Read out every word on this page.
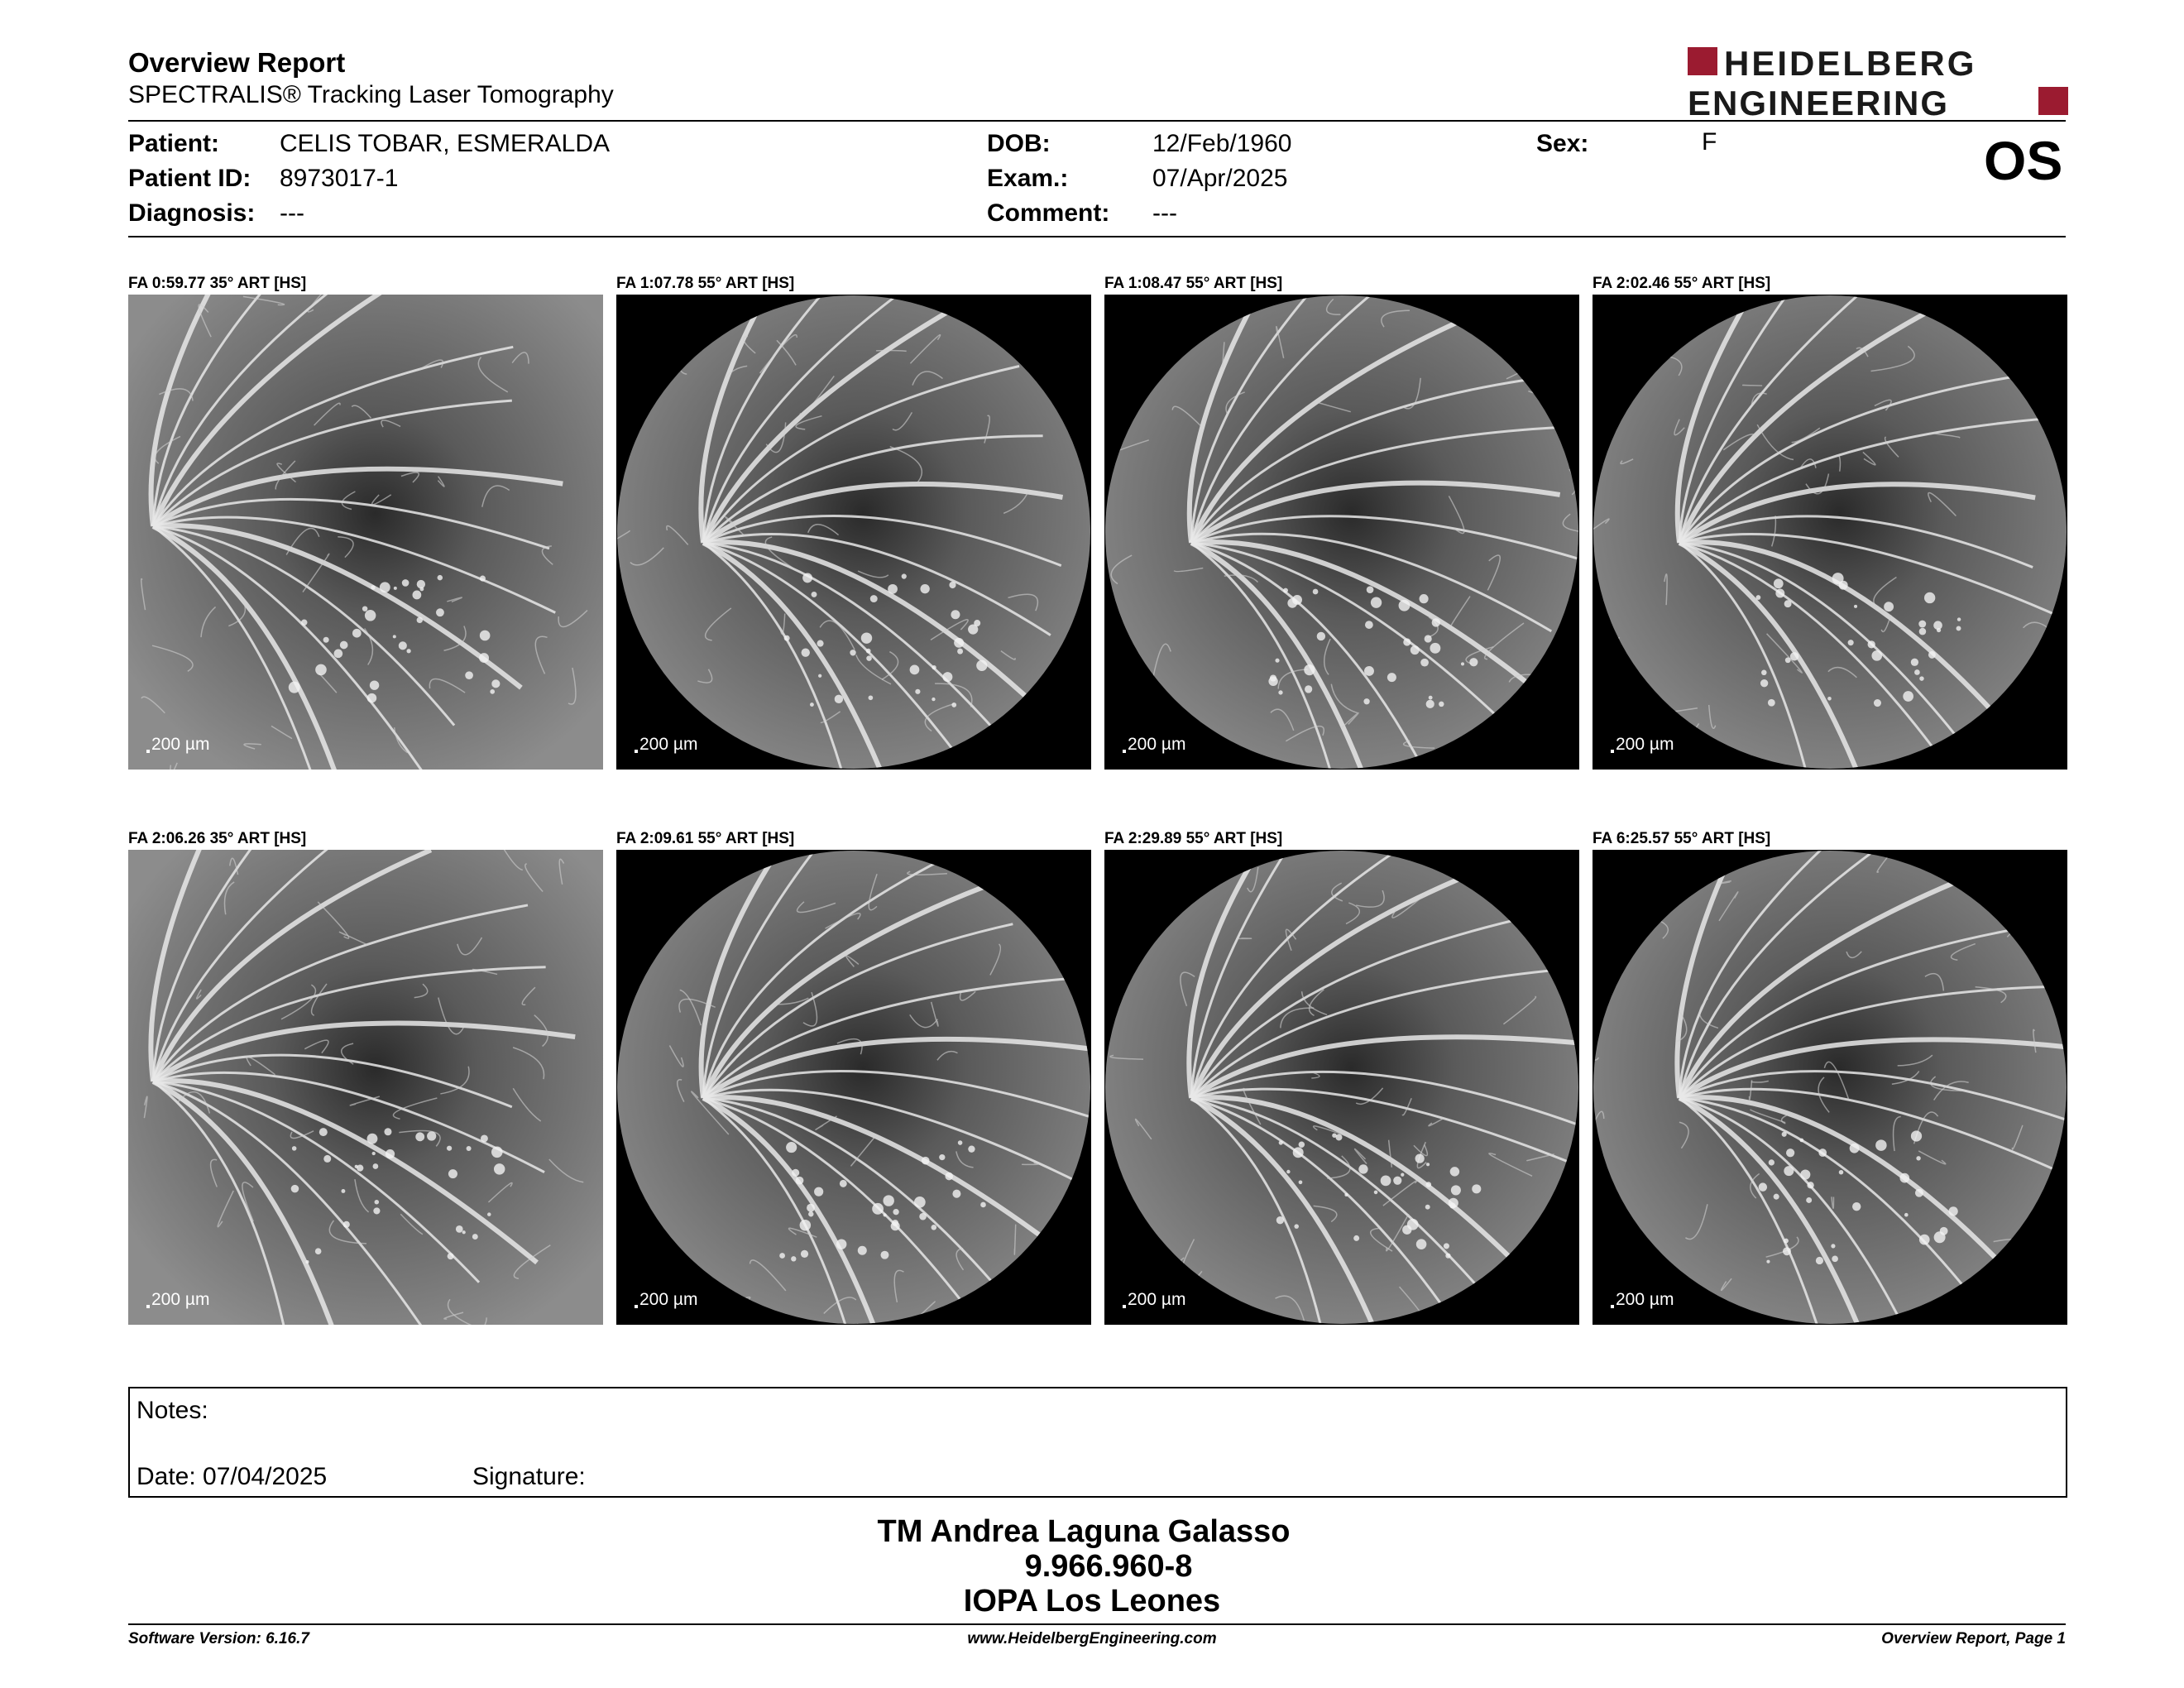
Overview Report
SPECTRALIS® Tracking Laser Tomography
HEIDELBERG
ENGINEERING
Patient: CELIS TOBAR, ESMERALDA
Patient ID: 8973017-1
Diagnosis: ---
DOB:	12/Feb/1960
Exam.:	07/Apr/2025
Comment: ---
Sex:	F	OS
FA 0:59.77 35° ART [HS]
200 µm
FA 1:07.78 55° ART [HS]
200 µm
FA 1:08.47 55° ART [HS]
200 µm
FA 2:02.46 55° ART [HS]
200 µm
FA 2:06.26 35° ART [HS]
200 µm
FA 2:09.61 55° ART [HS]
200 µm
FA 2:29.89 55° ART [HS]
200 µm
FA 6:25.57 55° ART [HS]
200 µm
Notes:
Date: 07/04/2025	Signature:
TM Andrea Laguna Galasso
9.966.960-8
IOPA Los Leones
Software Version: 6.16.7	www.HeidelbergEngineering.com	Overview Report, Page 1
